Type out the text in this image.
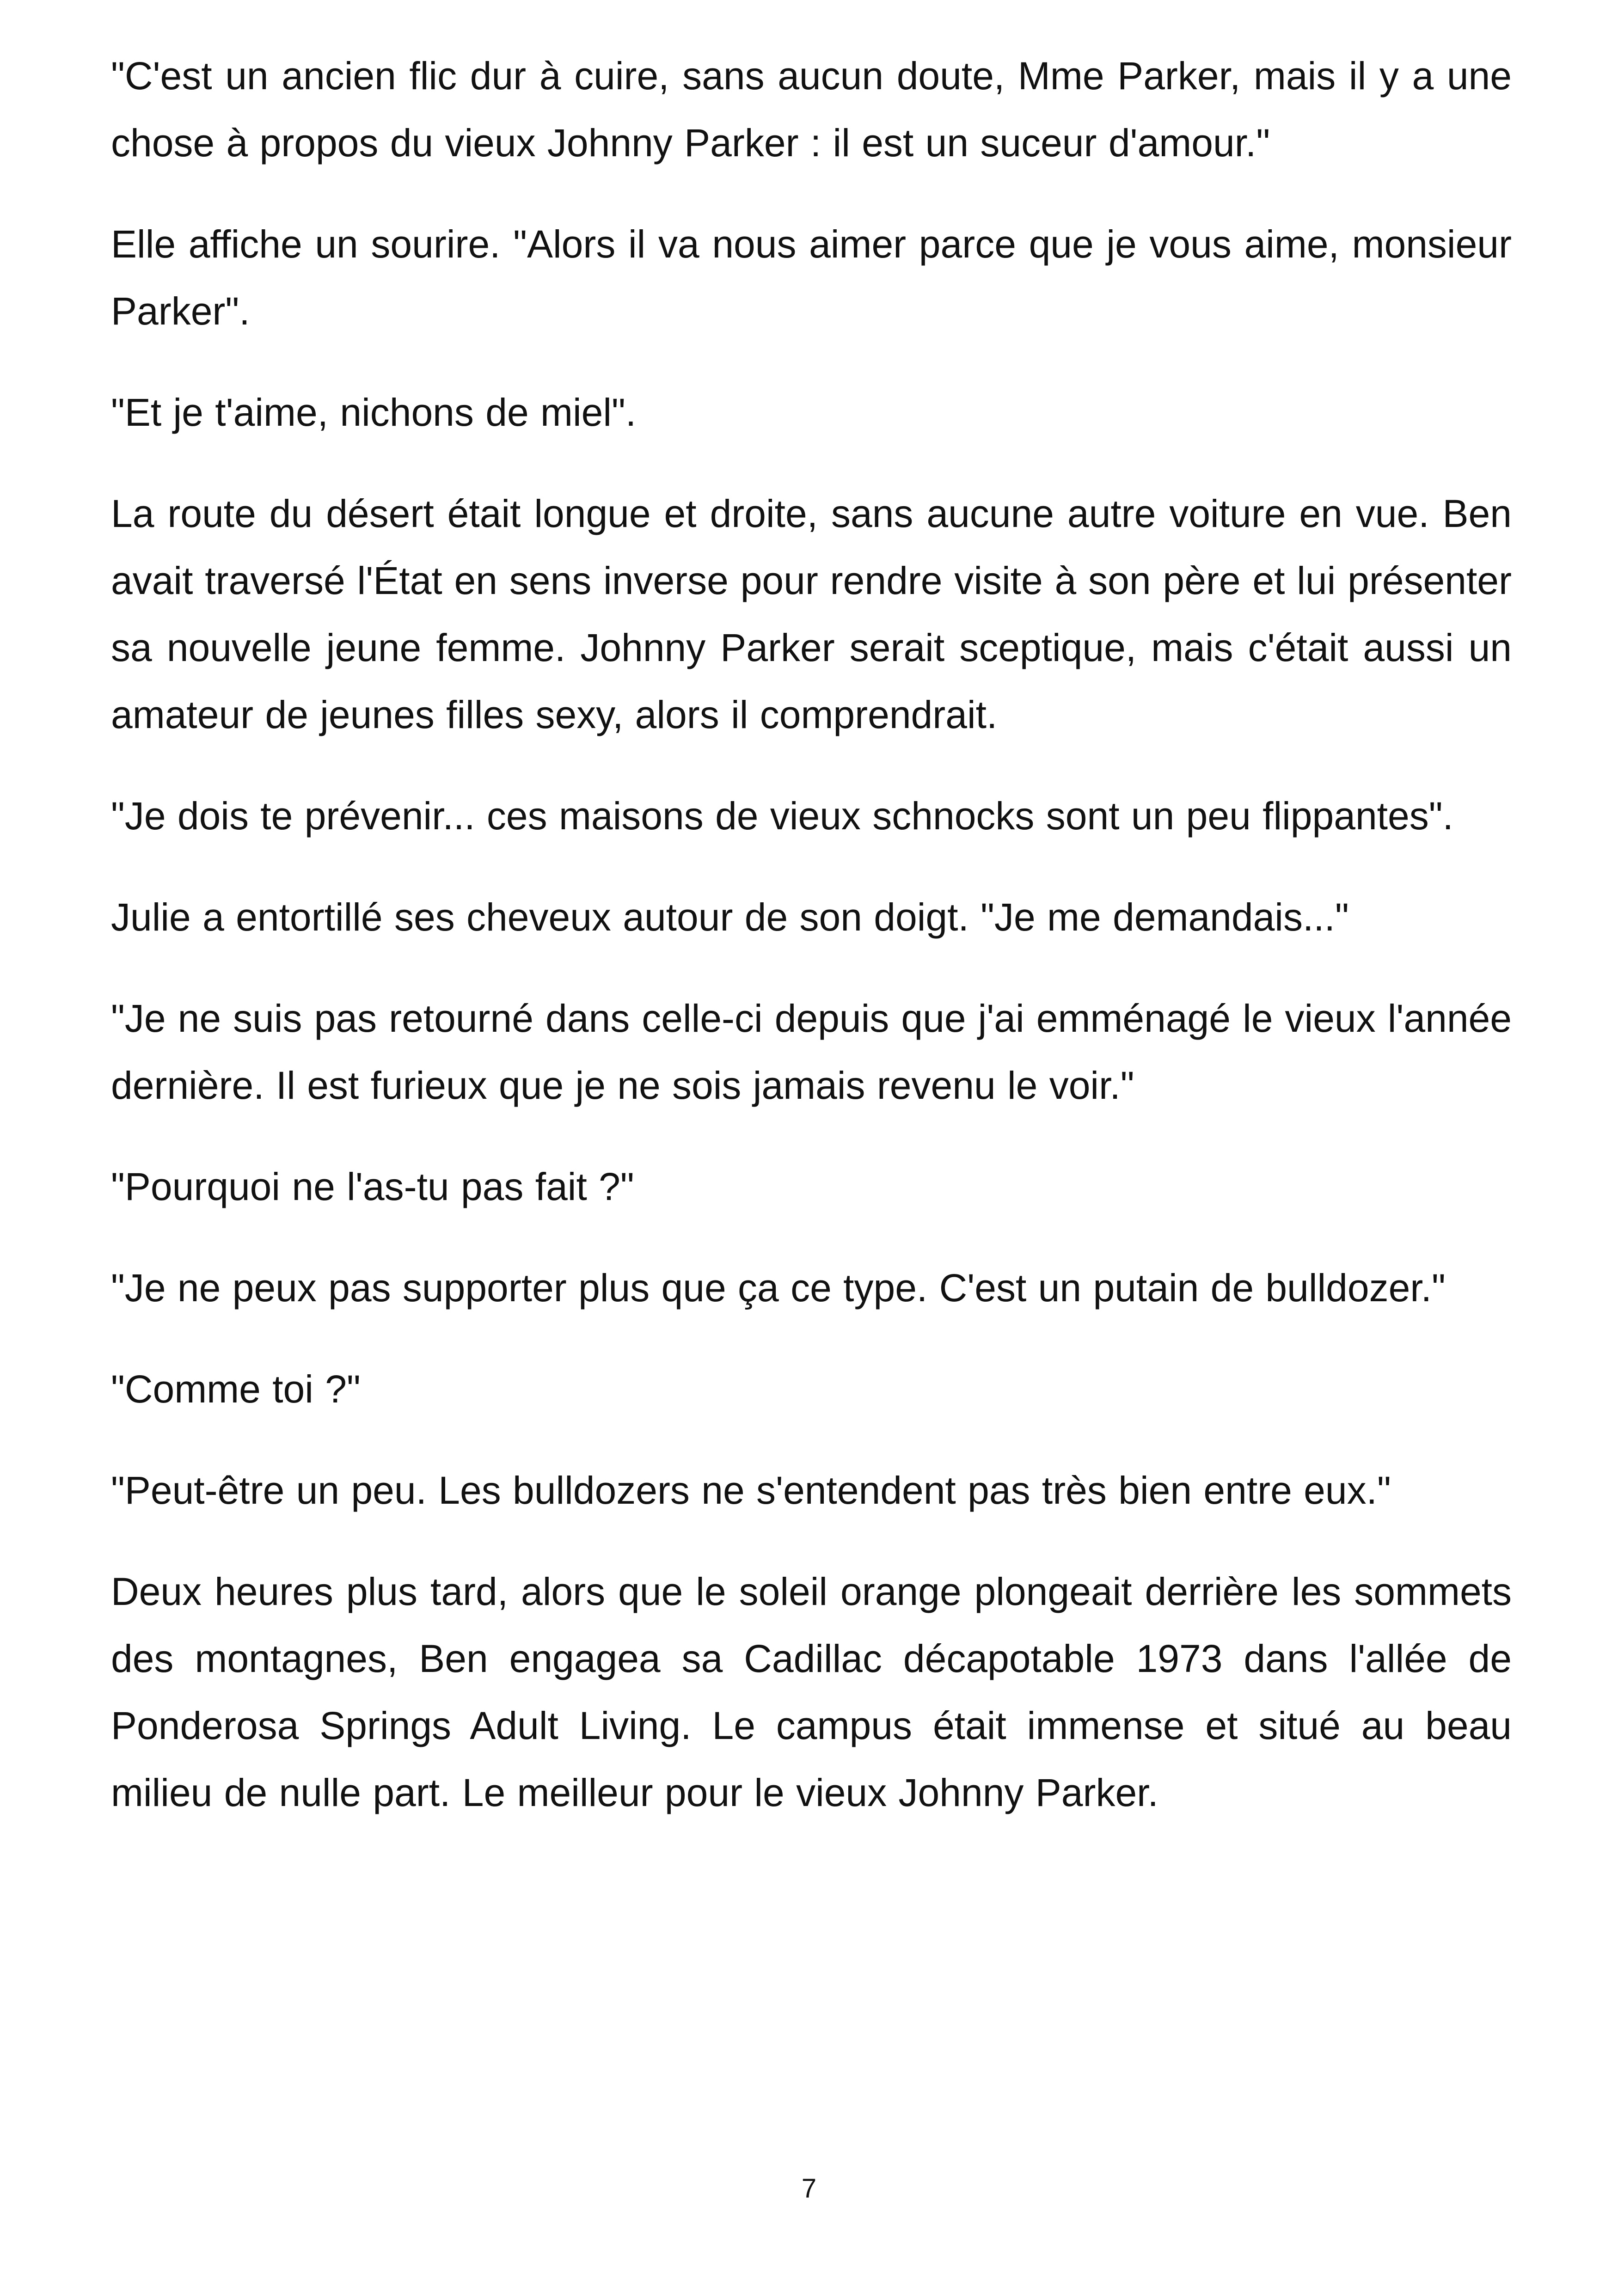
"C'est un ancien flic dur à cuire, sans aucun doute, Mme Parker, mais il y a une chose à propos du vieux Johnny Parker : il est un suceur d'amour."

Elle affiche un sourire. "Alors il va nous aimer parce que je vous aime, monsieur Parker".

"Et je t'aime, nichons de miel".

La route du désert était longue et droite, sans aucune autre voiture en vue. Ben avait traversé l'État en sens inverse pour rendre visite à son père et lui présenter sa nouvelle jeune femme. Johnny Parker serait sceptique, mais c'était aussi un amateur de jeunes filles sexy, alors il comprendrait.

"Je dois te prévenir... ces maisons de vieux schnocks sont un peu flippantes".

Julie a entortillé ses cheveux autour de son doigt. "Je me demandais..."

"Je ne suis pas retourné dans celle-ci depuis que j'ai emménagé le vieux l'année dernière. Il est furieux que je ne sois jamais revenu le voir."

"Pourquoi ne l'as-tu pas fait ?"

"Je ne peux pas supporter plus que ça ce type. C'est un putain de bulldozer."

"Comme toi ?"

"Peut-être un peu. Les bulldozers ne s'entendent pas très bien entre eux."

Deux heures plus tard, alors que le soleil orange plongeait derrière les sommets des montagnes, Ben engagea sa Cadillac décapotable 1973 dans l'allée de Ponderosa Springs Adult Living. Le campus était immense et situé au beau milieu de nulle part. Le meilleur pour le vieux Johnny Parker.

7
